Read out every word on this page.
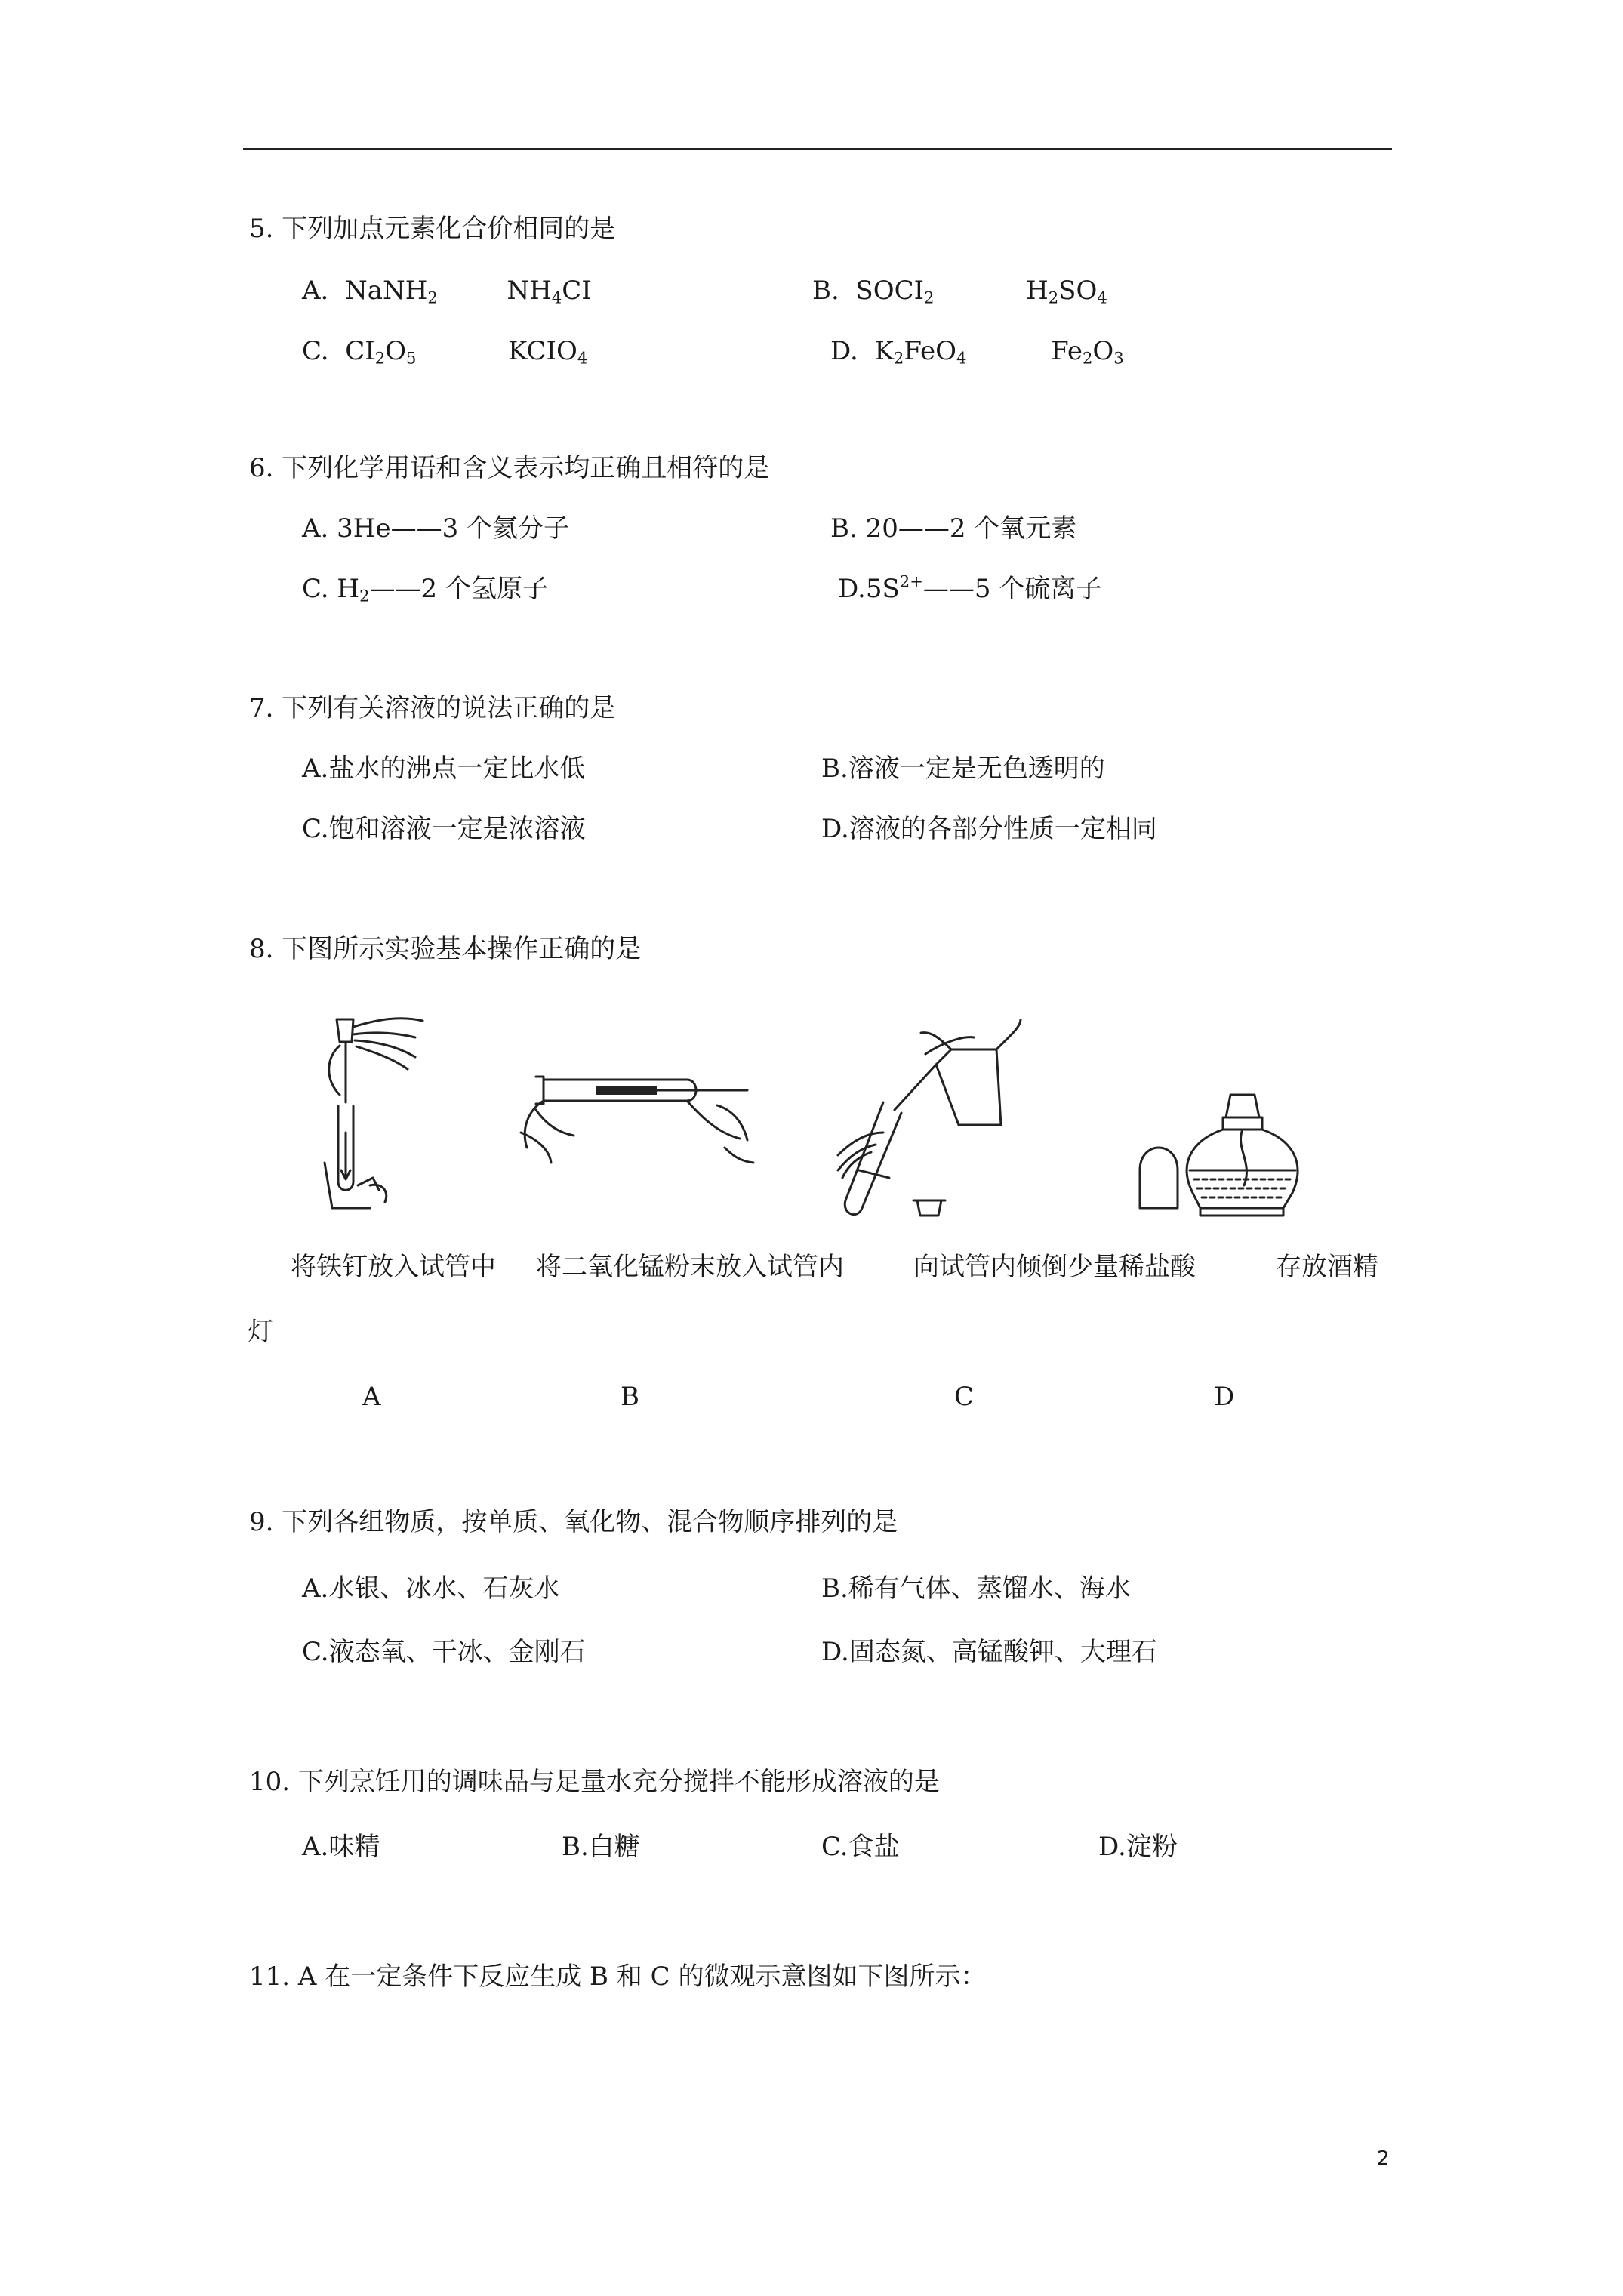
5. 下列加点元素化合价相同的是
A. NaNH$_2$	$NH_4CI$	B. $SOCI_2$	$H_2SO_4$
C. $CI_2O_5$	$KCIO_4$	D. $K_2FeO_4$	$Fe_2O_3$
6. 下列化学用语和含义表示均正确且相符的是
A. 3He——3 个氦分子	B. 20——2 个氧元素
C. $H_2——2$ 个氢原子	$D.5S^{2+}——5$ 个硫离子
7. 下列有关溶液的说法正确的是
A.盐水的沸点一定比水低	B.溶液一定是无色透明的
C.饱和溶液一定是浓溶液	D.溶液的各部分性质一定相同
8. 下图所示实验基本操作正确的是
将铁钉放入试管中 将二氧化锰粉末放入试管内	向试管内倾倒少量稀盐酸	存放酒精
灯
A	B	C	D
9. 下列各组物质，按单质、氧化物、混合物顺序排列的是
A.水银、冰水、石灰水	B.稀有气体、蒸馏水、海水
C.液态氧、干冰、金刚石	D.固态氮、高锰酸钾、大理石
10. 下列烹饪用的调味品与足量水充分搅拌不能形成溶液的是
A.味精	B.白糖	C.食盐	D.淀粉
11. A 在一定条件下反应生成 B 和 C 的微观示意图如下图所示：
2
